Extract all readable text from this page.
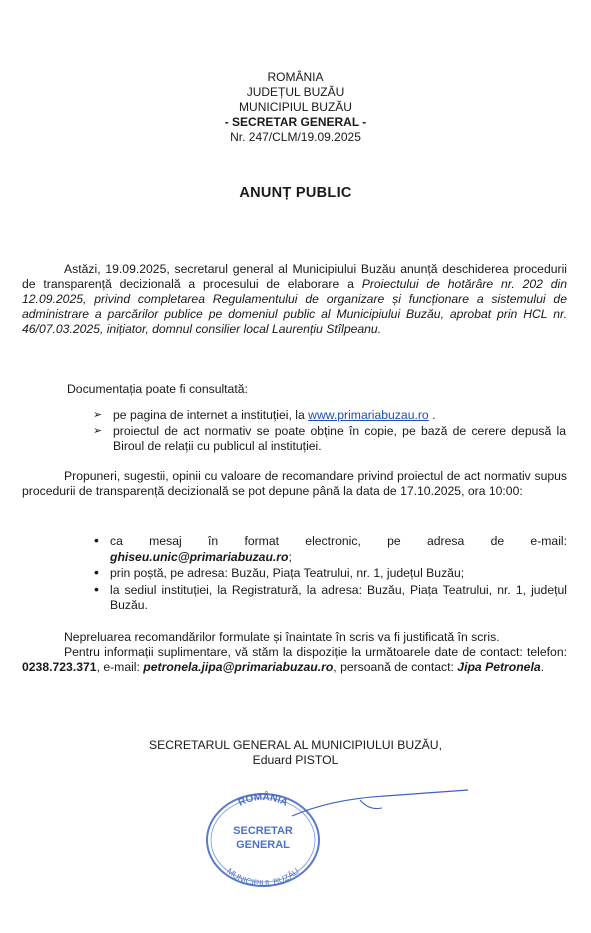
ROMÂNIA
JUDEȚUL BUZĂU
MUNICIPIUL BUZĂU
- SECRETAR GENERAL -
Nr. 247/CLM/19.09.2025
ANUNȚ PUBLIC
Astăzi, 19.09.2025, secretarul general al Municipiului Buzău anunță deschiderea procedurii de transparență decizională a procesului de elaborare a Proiectului de hotărâre nr. 202 din 12.09.2025, privind completarea Regulamentului de organizare și funcționare a sistemului de administrare a parcărilor publice pe domeniul public al Municipiului Buzău, aprobat prin HCL nr. 46/07.03.2025, inițiator, domnul consilier local Laurențiu Stîlpeanu.
Documentația poate fi consultată:
➢ pe pagina de internet a instituției, la www.primariabuzau.ro .
➢ proiectul de act normativ se poate obține în copie, pe bază de cerere depusă la Biroul de relații cu publicul al instituției.
Propuneri, sugestii, opinii cu valoare de recomandare privind proiectul de act normativ supus procedurii de transparență decizională se pot depune până la data de 17.10.2025, ora 10:00:
• ca mesaj în format electronic, pe adresa de e-mail:
ghiseu.unic@primariabuzau.ro;
• prin poștă, pe adresa: Buzău, Piața Teatrului, nr. 1, județul Buzău;
• la sediul instituției, la Registratură, la adresa: Buzău, Piața Teatrului, nr. 1, județul Buzău.
Nepreluarea recomandărilor formulate și înaintate în scris va fi justificată în scris.
Pentru informații suplimentare, vă stăm la dispoziție la următoarele date de contact: telefon: 0238.723.371, e-mail: petronela.jipa@primariabuzau.ro, persoană de contact: Jipa Petronela.
SECRETARUL GENERAL AL MUNICIPIULUI BUZĂU,
Eduard PISTOL
ROMÂNIA
SECRETAR
GENERAL
MUNICIPIUL BUZĂU
